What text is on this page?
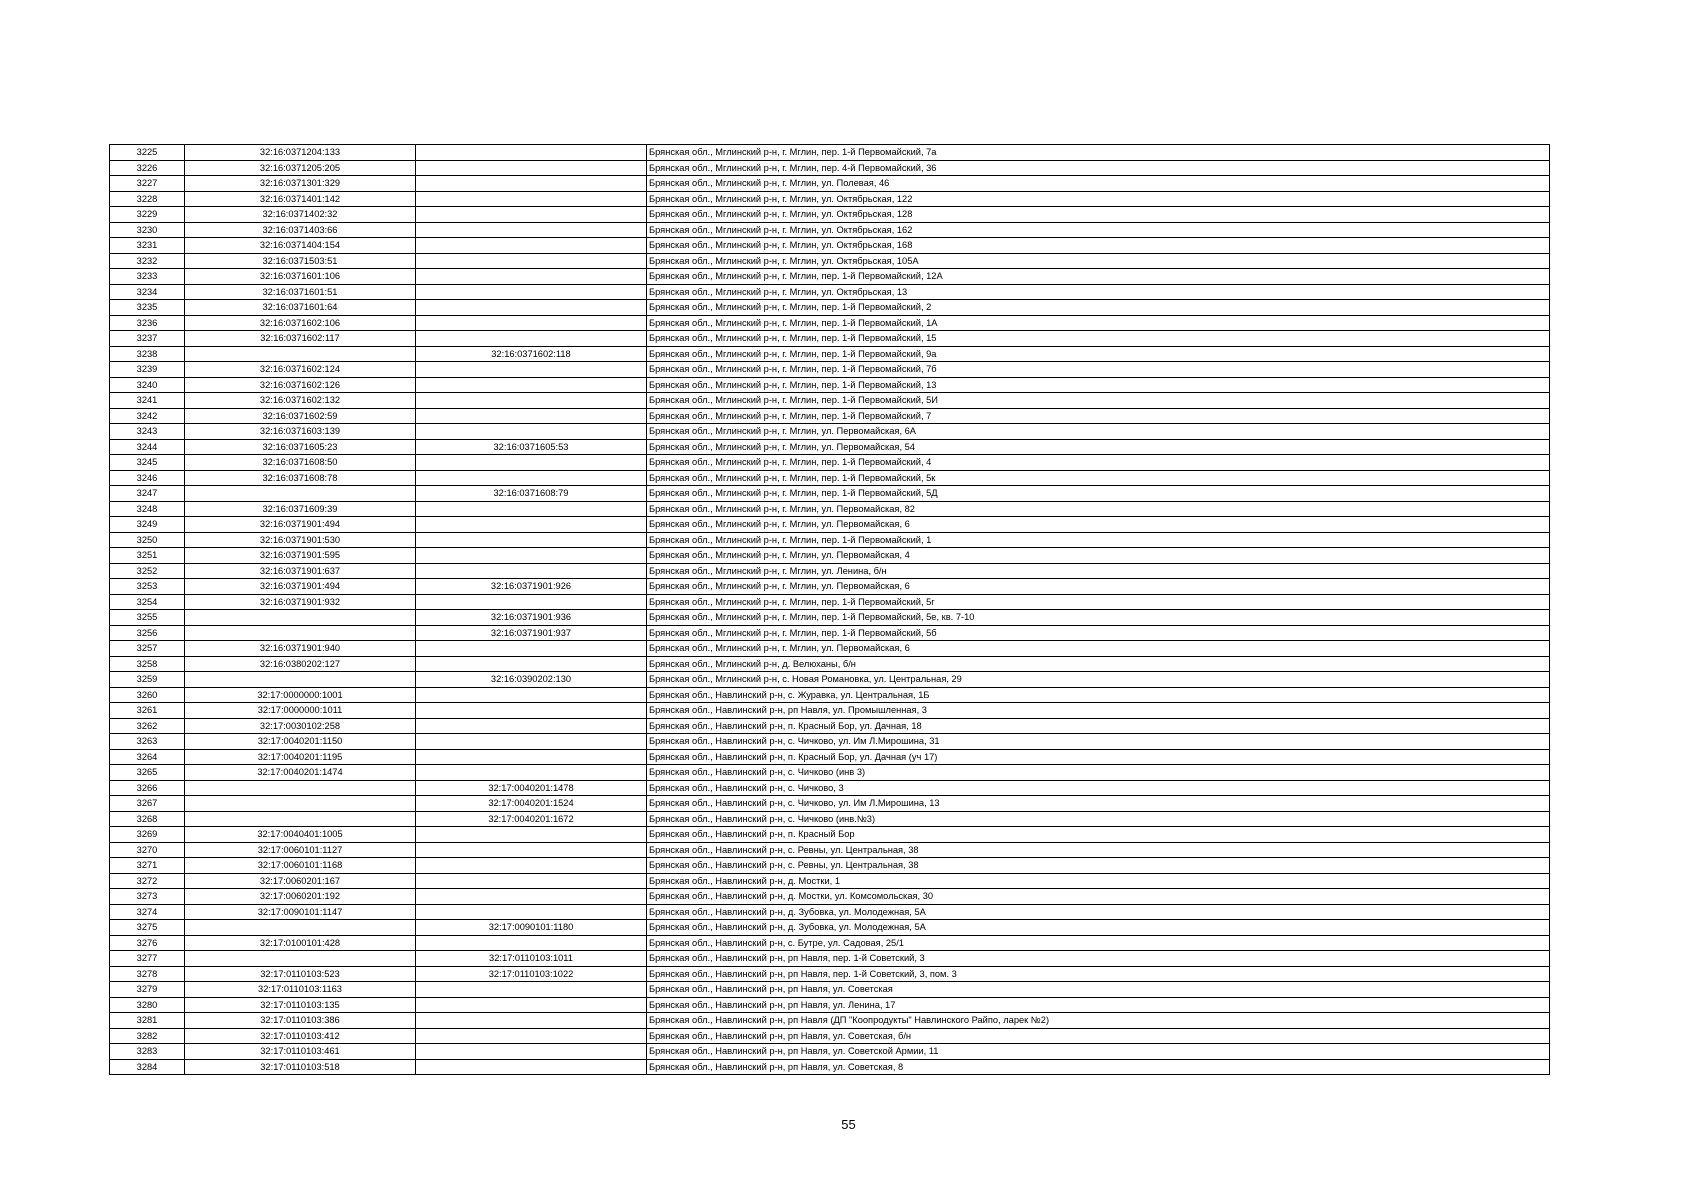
3225	32:16:0371204:133		Брянская обл., Мглинский р-н, г. Мглин, пер. 1-й Первомайский, 7а
3226	32:16:0371205:205		Брянская обл., Мглинский р-н, г. Мглин, пер. 4-й Первомайский, 36
3227	32:16:0371301:329		Брянская обл., Мглинский р-н, г. Мглин, ул. Полевая, 46
3228	32:16:0371401:142		Брянская обл., Мглинский р-н, г. Мглин, ул. Октябрьская, 122
3229	32:16:0371402:32		Брянская обл., Мглинский р-н, г. Мглин, ул. Октябрьская, 128
3230	32:16:0371403:66		Брянская обл., Мглинский р-н, г. Мглин, ул. Октябрьская, 162
3231	32:16:0371404:154		Брянская обл., Мглинский р-н, г. Мглин, ул. Октябрьская, 168
3232	32:16:0371503:51		Брянская обл., Мглинский р-н, г. Мглин, ул. Октябрьская, 105А
3233	32:16:0371601:106		Брянская обл., Мглинский р-н, г. Мглин, пер. 1-й Первомайский, 12А
3234	32:16:0371601:51		Брянская обл., Мглинский р-н, г. Мглин, ул. Октябрьская, 13
3235	32:16:0371601:64		Брянская обл., Мглинский р-н, г. Мглин, пер. 1-й Первомайский, 2
3236	32:16:0371602:106		Брянская обл., Мглинский р-н, г. Мглин, пер. 1-й Первомайский, 1А
3237	32:16:0371602:117		Брянская обл., Мглинский р-н, г. Мглин, пер. 1-й Первомайский, 15
3238		32:16:0371602:118	Брянская обл., Мглинский р-н, г. Мглин, пер. 1-й Первомайский, 9а
3239	32:16:0371602:124		Брянская обл., Мглинский р-н, г. Мглин, пер. 1-й Первомайский, 7б
3240	32:16:0371602:126		Брянская обл., Мглинский р-н, г. Мглин, пер. 1-й Первомайский, 13
3241	32:16:0371602:132		Брянская обл., Мглинский р-н, г. Мглин, пер. 1-й Первомайский, 5И
3242	32:16:0371602:59		Брянская обл., Мглинский р-н, г. Мглин, пер. 1-й Первомайский, 7
3243	32:16:0371603:139		Брянская обл., Мглинский р-н, г. Мглин, ул. Первомайская, 6А
3244	32:16:0371605:23	32:16:0371605:53	Брянская обл., Мглинский р-н, г. Мглин, ул. Первомайская, 54
3245	32:16:0371608:50		Брянская обл., Мглинский р-н, г. Мглин, пер. 1-й Первомайский, 4
3246	32:16:0371608:78		Брянская обл., Мглинский р-н, г. Мглин, пер. 1-й Первомайский, 5к
3247		32:16:0371608:79	Брянская обл., Мглинский р-н, г. Мглин, пер. 1-й Первомайский, 5Д
3248	32:16:0371609:39		Брянская обл., Мглинский р-н, г. Мглин, ул. Первомайская, 82
3249	32:16:0371901:494		Брянская обл., Мглинский р-н, г. Мглин, ул. Первомайская, 6
3250	32:16:0371901:530		Брянская обл., Мглинский р-н, г. Мглин, пер. 1-й Первомайский, 1
3251	32:16:0371901:595		Брянская обл., Мглинский р-н, г. Мглин, ул. Первомайская, 4
3252	32:16:0371901:637		Брянская обл., Мглинский р-н, г. Мглин, ул. Ленина, б/н
3253	32:16:0371901:494	32:16:0371901:926	Брянская обл., Мглинский р-н, г. Мглин, ул. Первомайская, 6
3254	32:16:0371901:932		Брянская обл., Мглинский р-н, г. Мглин, пер. 1-й Первомайский, 5г
3255		32:16:0371901:936	Брянская обл., Мглинский р-н, г. Мглин, пер. 1-й Первомайский, 5е, кв. 7-10
3256		32:16:0371901:937	Брянская обл., Мглинский р-н, г. Мглин, пер. 1-й Первомайский, 5б
3257	32:16:0371901:940		Брянская обл., Мглинский р-н, г. Мглин, ул. Первомайская, 6
3258	32:16:0380202:127		Брянская обл., Мглинский р-н, д. Велюханы, б/н
3259		32:16:0390202:130	Брянская обл., Мглинский р-н, с. Новая Романовка, ул. Центральная, 29
3260	32:17:0000000:1001		Брянская обл., Навлинский р-н, с. Журавка, ул. Центральная, 1Б
3261	32:17:0000000:1011		Брянская обл., Навлинский р-н, рп Навля, ул. Промышленная, 3
3262	32:17:0030102:258		Брянская обл., Навлинский р-н, п. Красный Бор, ул. Дачная, 18
3263	32:17:0040201:1150		Брянская обл., Навлинский р-н, с. Чичково, ул. Им Л.Мирошина, 31
3264	32:17:0040201:1195		Брянская обл., Навлинский р-н, п. Красный Бор, ул. Дачная (уч 17)
3265	32:17:0040201:1474		Брянская обл., Навлинский р-н, с. Чичково (инв 3)
3266		32:17:0040201:1478	Брянская обл., Навлинский р-н, с. Чичково, 3
3267		32:17:0040201:1524	Брянская обл., Навлинский р-н, с. Чичково, ул. Им Л.Мирошина, 13
3268		32:17:0040201:1672	Брянская обл., Навлинский р-н, с. Чичково (инв.№3)
3269	32:17:0040401:1005		Брянская обл., Навлинский р-н, п. Красный Бор
3270	32:17:0060101:1127		Брянская обл., Навлинский р-н, с. Ревны, ул. Центральная, 38
3271	32:17:0060101:1168		Брянская обл., Навлинский р-н, с. Ревны, ул. Центральная, 38
3272	32:17:0060201:167		Брянская обл., Навлинский р-н, д. Мостки, 1
3273	32:17:0060201:192		Брянская обл., Навлинский р-н, д. Мостки, ул. Комсомольская, 30
3274	32:17:0090101:1147		Брянская обл., Навлинский р-н, д. Зубовка, ул. Молодежная, 5А
3275		32:17:0090101:1180	Брянская обл., Навлинский р-н, д. Зубовка, ул. Молодежная, 5А
3276	32:17:0100101:428		Брянская обл., Навлинский р-н, с. Бутре, ул. Садовая, 25/1
3277		32:17:0110103:1011	Брянская обл., Навлинский р-н, рп Навля, пер. 1-й Советский, 3
3278	32:17:0110103:523	32:17:0110103:1022	Брянская обл., Навлинский р-н, рп Навля, пер. 1-й Советский, 3, пом. 3
3279	32:17:0110103:1163		Брянская обл., Навлинский р-н, рп Навля, ул. Советская
3280	32:17:0110103:135		Брянская обл., Навлинский р-н, рп Навля, ул. Ленина, 17
3281	32:17:0110103:386		Брянская обл., Навлинский р-н, рп Навля (ДП "Коопродукты" Навлинского Райпо, ларек №2)
3282	32:17:0110103:412		Брянская обл., Навлинский р-н, рп Навля, ул. Советская, б/н
3283	32:17:0110103:461		Брянская обл., Навлинский р-н, рп Навля, ул. Советской Армии, 11
3284	32:17:0110103:518		Брянская обл., Навлинский р-н, рп Навля, ул. Советская, 8
55
